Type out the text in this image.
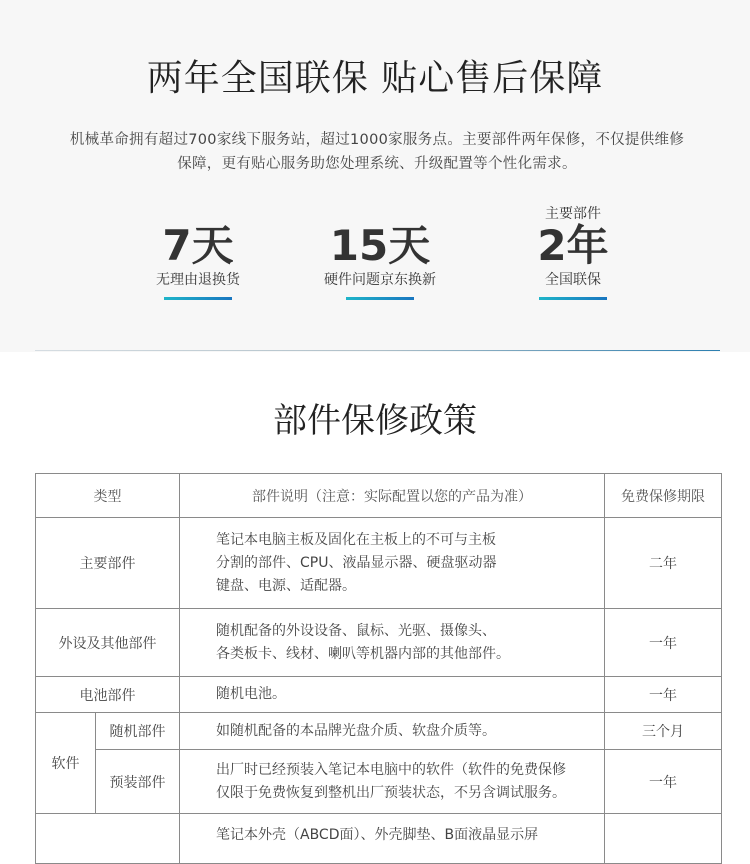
两年全国联保 贴心售后保障
机械革命拥有超过700家线下服务站，超过1000家服务点。主要部件两年保修，不仅提供维修
保障，更有贴心服务助您处理系统、升级配置等个性化需求。
7天
无理由退换货
15天
硬件问题京东换新
主要部件
2年
全国联保
部件保修政策
类型		部件说明（注意：实际配置以您的产品为准）	免费保修期限
主要部件		笔记本电脑主板及固化在主板上的不可与主板
分割的部件、CPU、液晶显示器、硬盘驱动器
键盘、电源、适配器。	二年
外设及其他部件		随机配备的外设设备、鼠标、光驱、摄像头、
各类板卡、线材、喇叭等机器内部的其他部件。	一年
电池部件		随机电池。	一年
软件	随机部件	如随机配备的本品牌光盘介质、软盘介质等。	三个月
	预装部件	出厂时已经预装入笔记本电脑中的软件（软件的免费保修
仅限于免费恢复到整机出厂预装状态，不另含调试服务。	一年
		笔记本外壳（ABCD面）、外壳脚垫、B面液晶显示屏	
